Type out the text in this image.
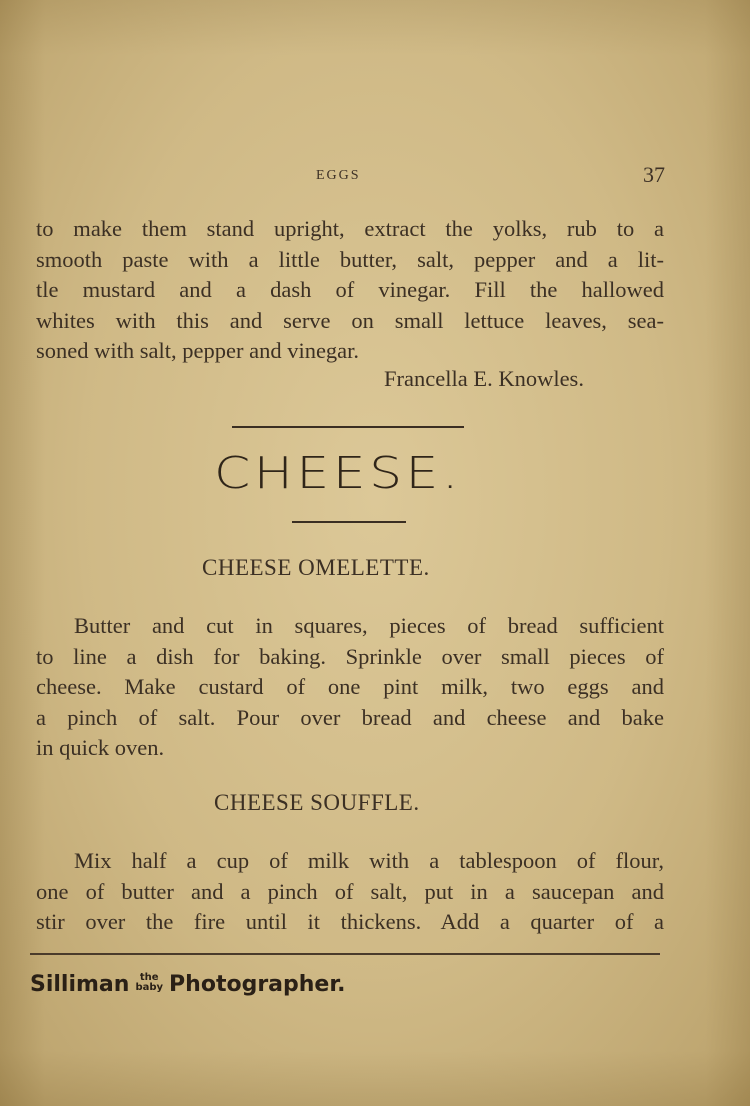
EGGS	37
to make them stand upright, extract the yolks, rub to a
smooth paste with a little butter, salt, pepper and a lit-
tle mustard and a dash of vinegar. Fill the hallowed
whites with this and serve on small lettuce leaves, sea-
soned with salt, pepper and vinegar.
Francella E. Knowles.
CHEESE.
CHEESE OMELETTE.
Butter and cut in squares, pieces of bread sufficient
to line a dish for baking. Sprinkle over small pieces of
cheese. Make custard of one pint milk, two eggs and
a pinch of salt. Pour over bread and cheese and bake
in quick oven.
CHEESE SOUFFLE.
Mix half a cup of milk with a tablespoon of flour,
one of butter and a pinch of salt, put in a saucepan and
stir over the fire until it thickens. Add a quarter of a
Silliman	the
baby Photographer.
